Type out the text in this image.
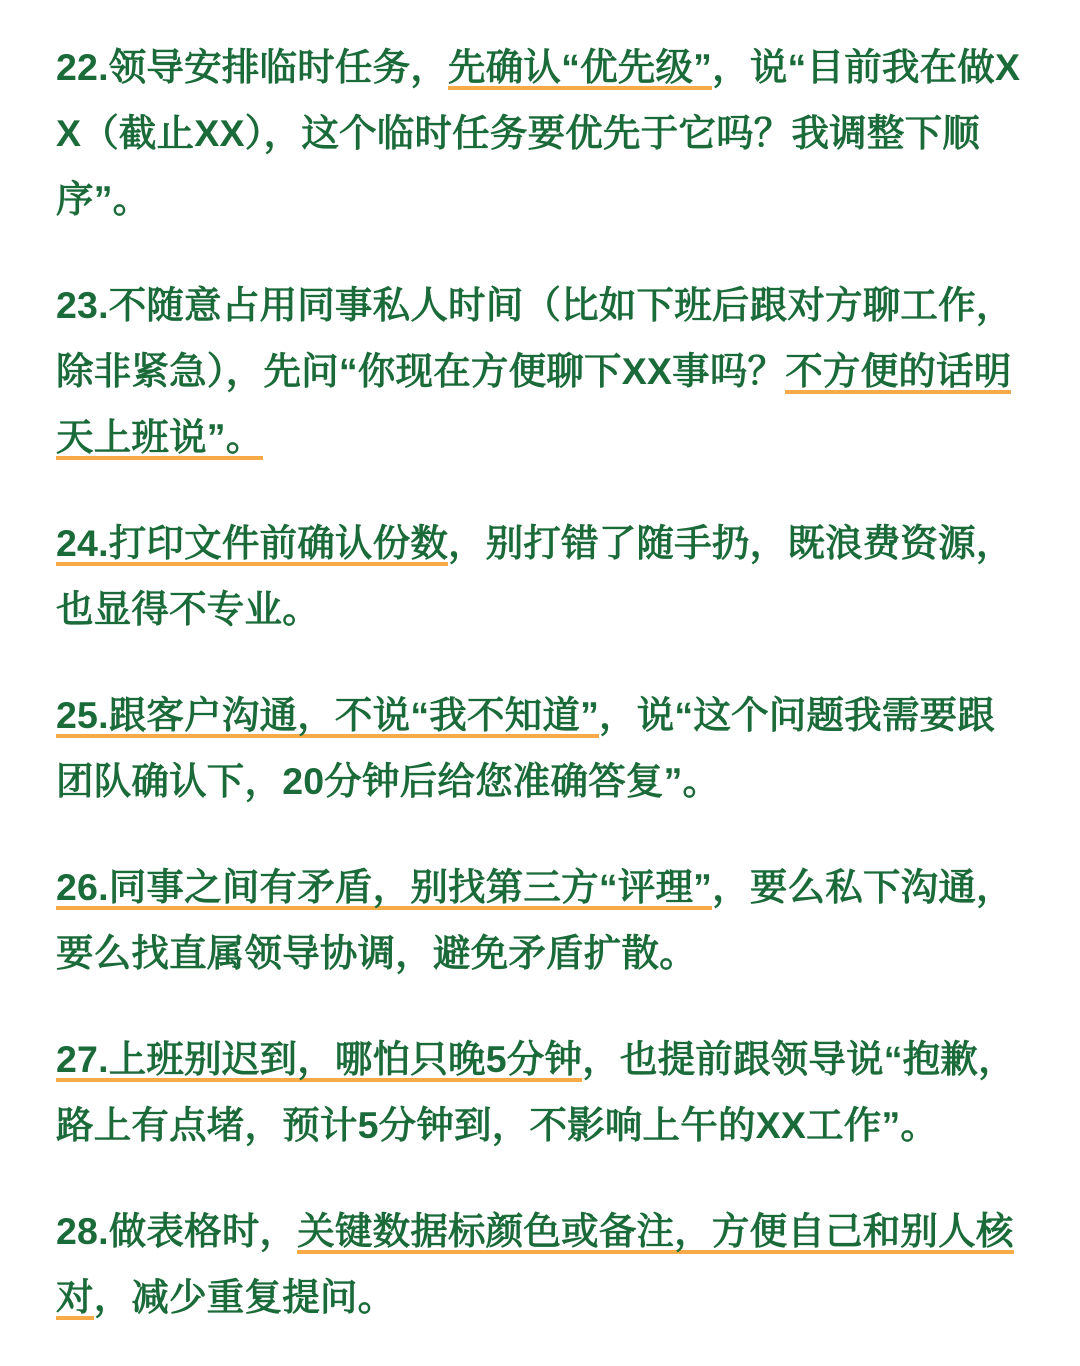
22.领导安排临时任务，先确认“优先级”，说“目前我在做XX（截止XX），这个临时任务要优先于它吗？我调整下顺序”。

23.不随意占用同事私人时间（比如下班后跟对方聊工作，除非紧急），先问“你现在方便聊下XX事吗？不方便的话明天上班说”。

24.打印文件前确认份数，别打错了随手扔，既浪费资源，也显得不专业。

25.跟客户沟通，不说“我不知道”，说“这个问题我需要跟团队确认下，20分钟后给您准确答复”。

26.同事之间有矛盾，别找第三方“评理”，要么私下沟通，要么找直属领导协调，避免矛盾扩散。

27.上班别迟到，哪怕只晚5分钟，也提前跟领导说“抱歉，路上有点堵，预计5分钟到，不影响上午的XX工作”。

28.做表格时，关键数据标颜色或备注，方便自己和别人核对，减少重复提问。
